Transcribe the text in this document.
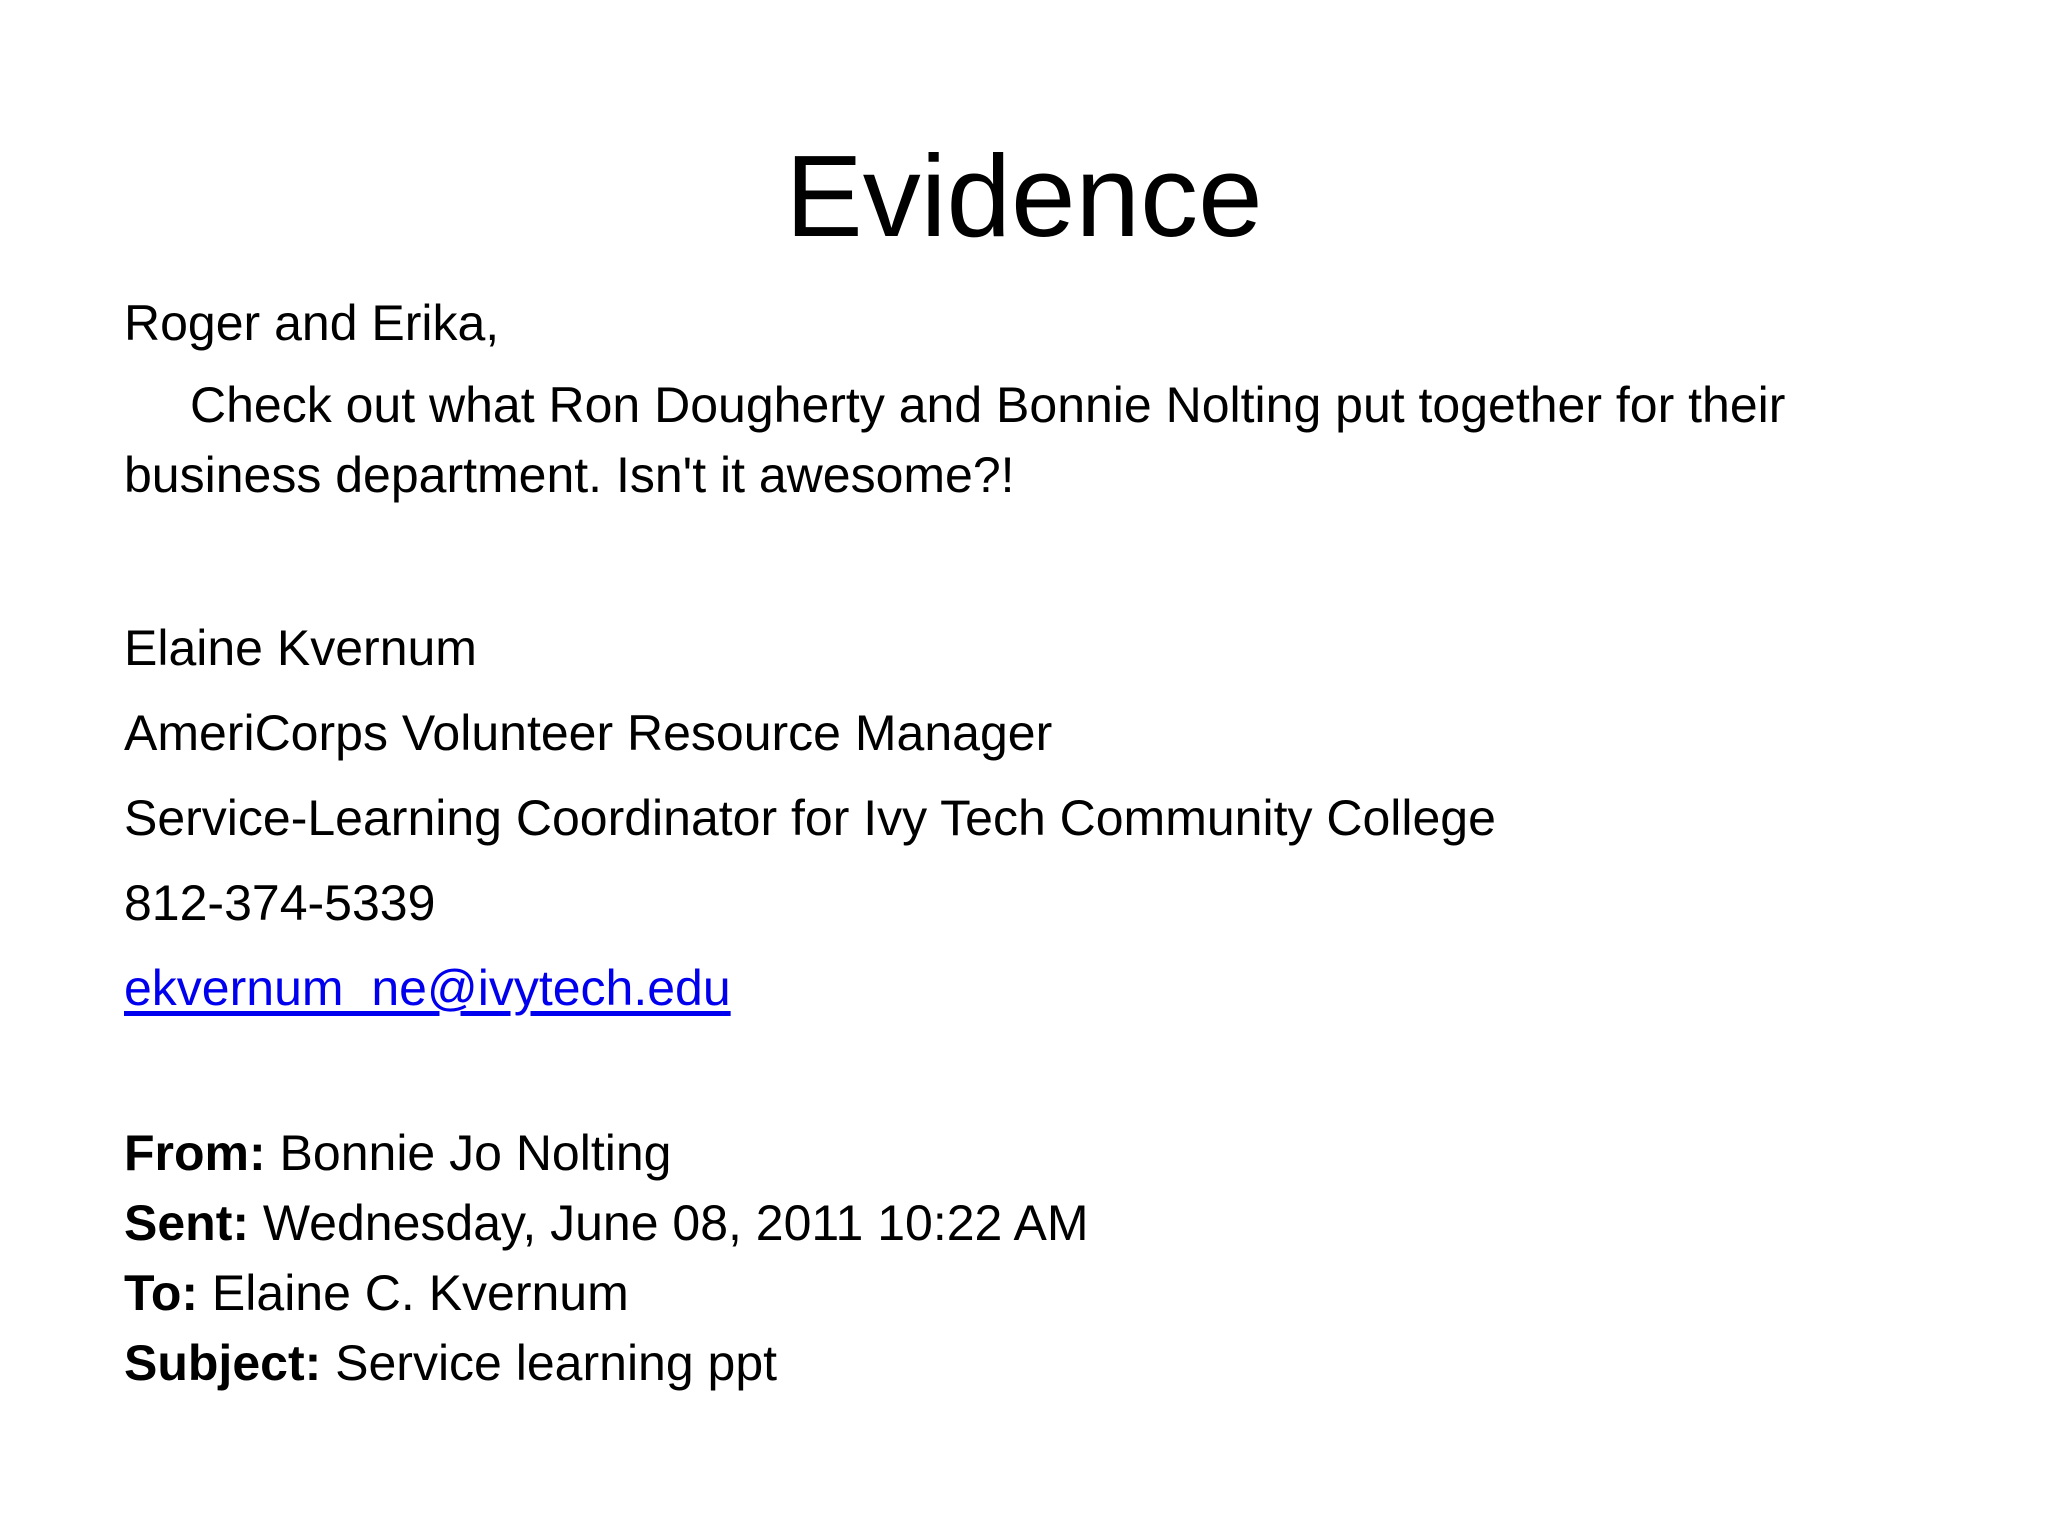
Evidence

Roger and Erika,

Check out what Ron Dougherty and Bonnie Nolting put together for their business department. Isn't it awesome?!

Elaine Kvernum

AmeriCorps Volunteer Resource Manager

Service-Learning Coordinator for Ivy Tech Community College

812-374-5339

ekvernum_ne@ivytech.edu

From: Bonnie Jo Nolting
Sent: Wednesday, June 08, 2011 10:22 AM
To: Elaine C. Kvernum
Subject: Service learning ppt
